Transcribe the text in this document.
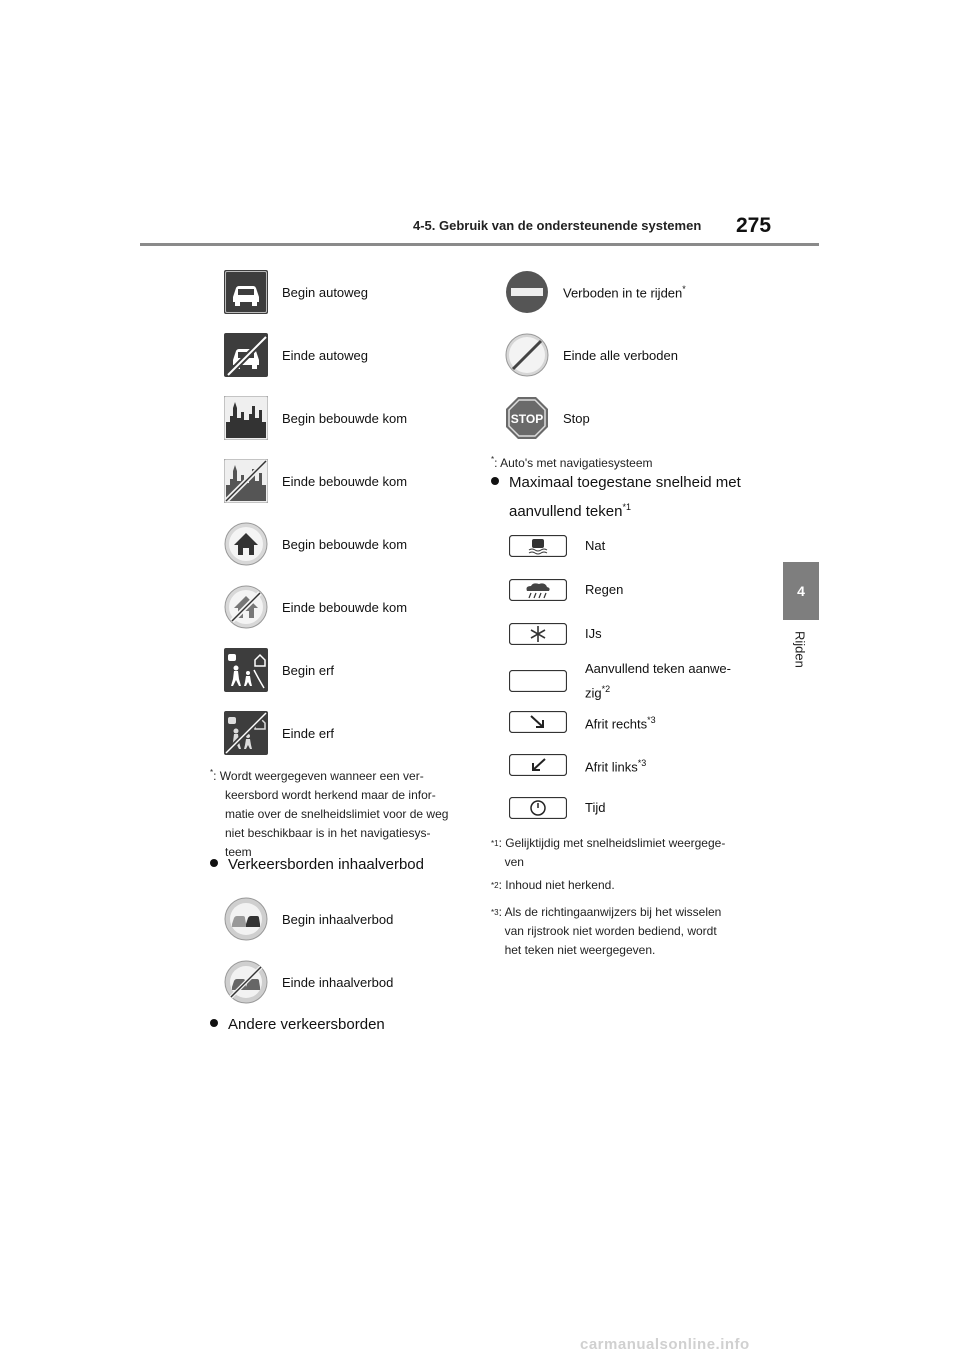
4-5. Gebruik van de ondersteunende systemen 275
4
Rijden
Begin autoweg
Einde autoweg
Begin bebouwde kom
Einde bebouwde kom
Begin bebouwde kom
Einde bebouwde kom
Begin erf
Einde erf
*: Wordt weergegeven wanneer een ver-
keersbord wordt herkend maar de infor-
matie over de snelheidslimiet voor de weg
niet beschikbaar is in het navigatiesys-
teem
Verkeersborden inhaalverbod
Begin inhaalverbod
Einde inhaalverbod
Andere verkeersborden
Verboden in te rijden*
Einde alle verboden
STOP Stop
*: Auto's met navigatiesysteem
Maximaal toegestane snelheid met
aanvullend teken$^{*1}$
Nat
Regen
IJs
Aanvullend teken aanwe-
zig$^{*2}$
Afrit rechts$^{*3}$
Afrit links$^{*3}$
Tijd
$^{*1}$ : Gelijktijdig met snelheidslimiet weergege-
ven
$^{*2}$ : Inhoud niet herkend.
$^{*3}$ : Als de richtingaanwijzers bij het wisselen
van rijstrook niet worden bediend, wordt
het teken niet weergegeven.
carmanualsonline.info
